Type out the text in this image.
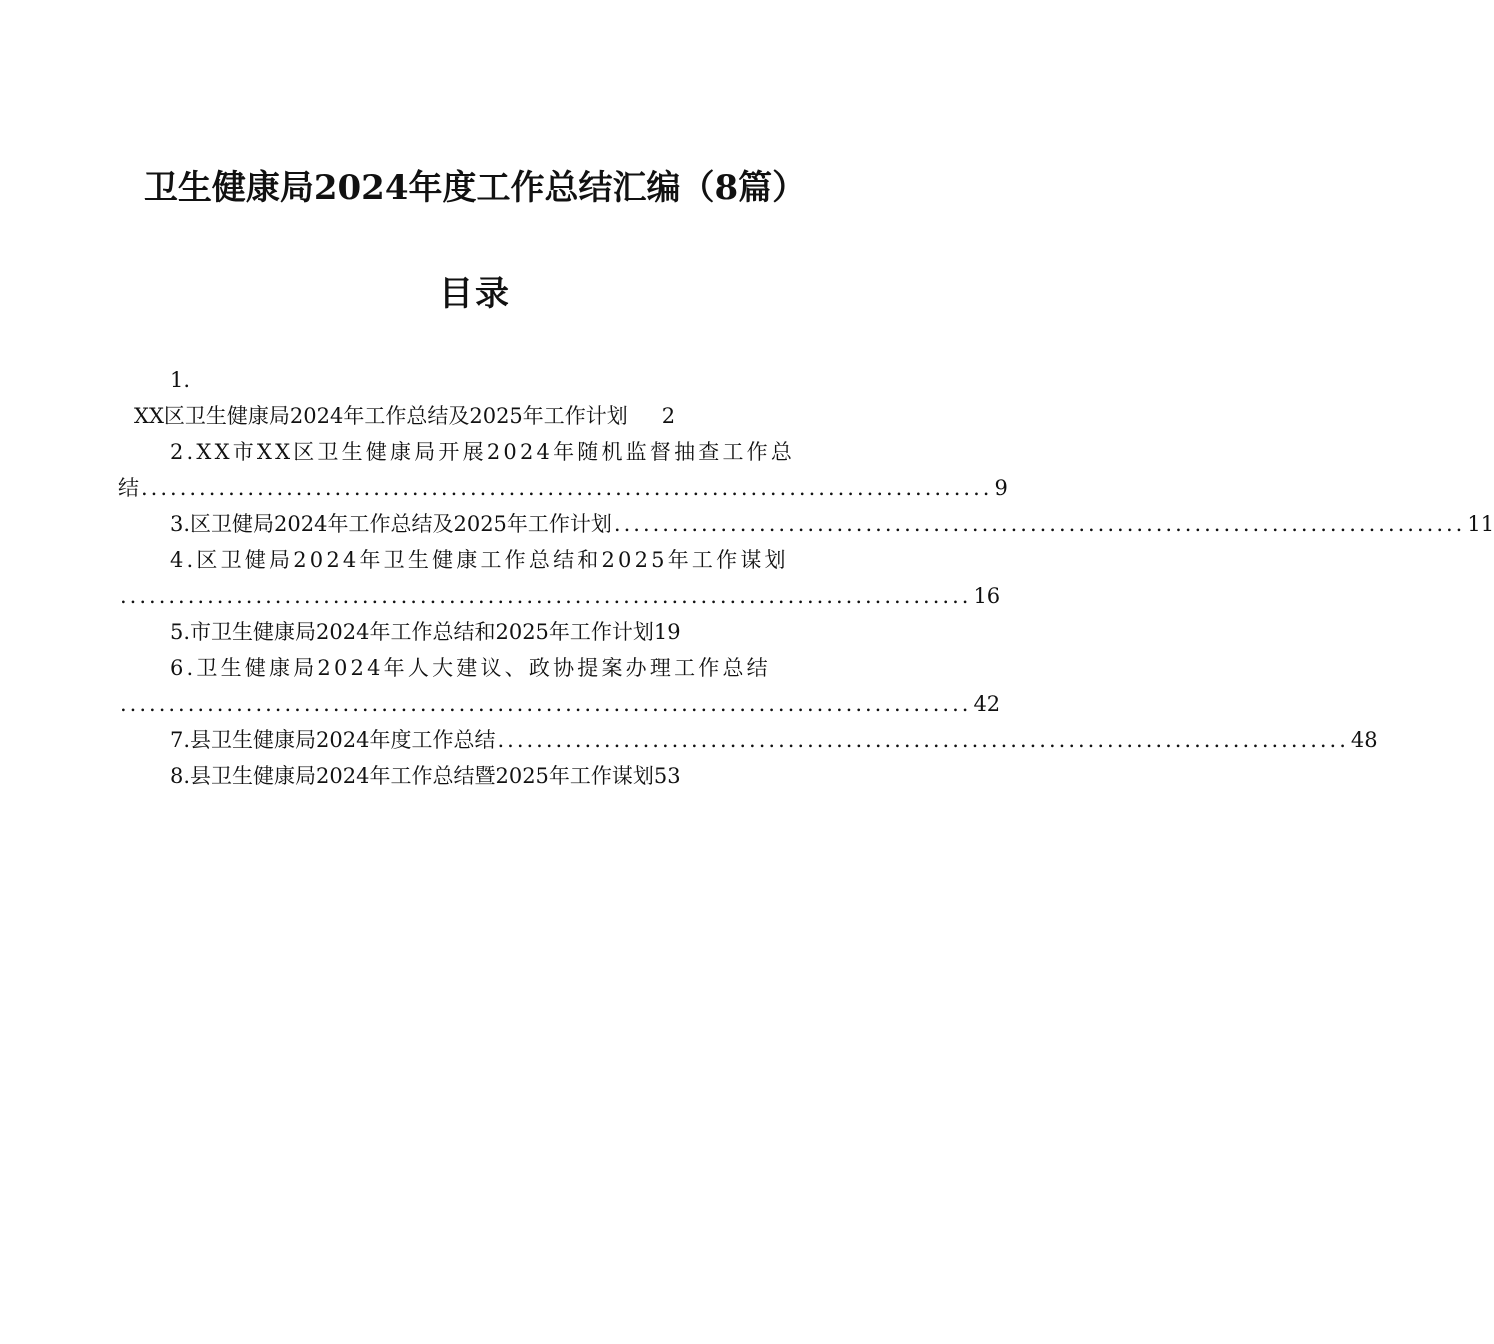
卫生健康局2024年度工作总结汇编（8篇）
目录
1.
XX区卫生健康局2024年工作总结及2025年工作计划 2
2.XX市XX区卫生健康局开展2024年随机监督抽查工作总
结 ........................................................................................ 9
3.区卫健局2024年工作总结及2025年工作计划 ........................................................................................ 11
4.区卫健局2024年卫生健康工作总结和2025年工作谋划
........................................................................................ 16
5.市卫生健康局2024年工作总结和2025年工作计划 19
6.卫生健康局2024年人大建议、政协提案办理工作总结
........................................................................................ 42
7.县卫生健康局2024年度工作总结 ........................................................................................ 48
8.县卫生健康局2024年工作总结暨2025年工作谋划 53
